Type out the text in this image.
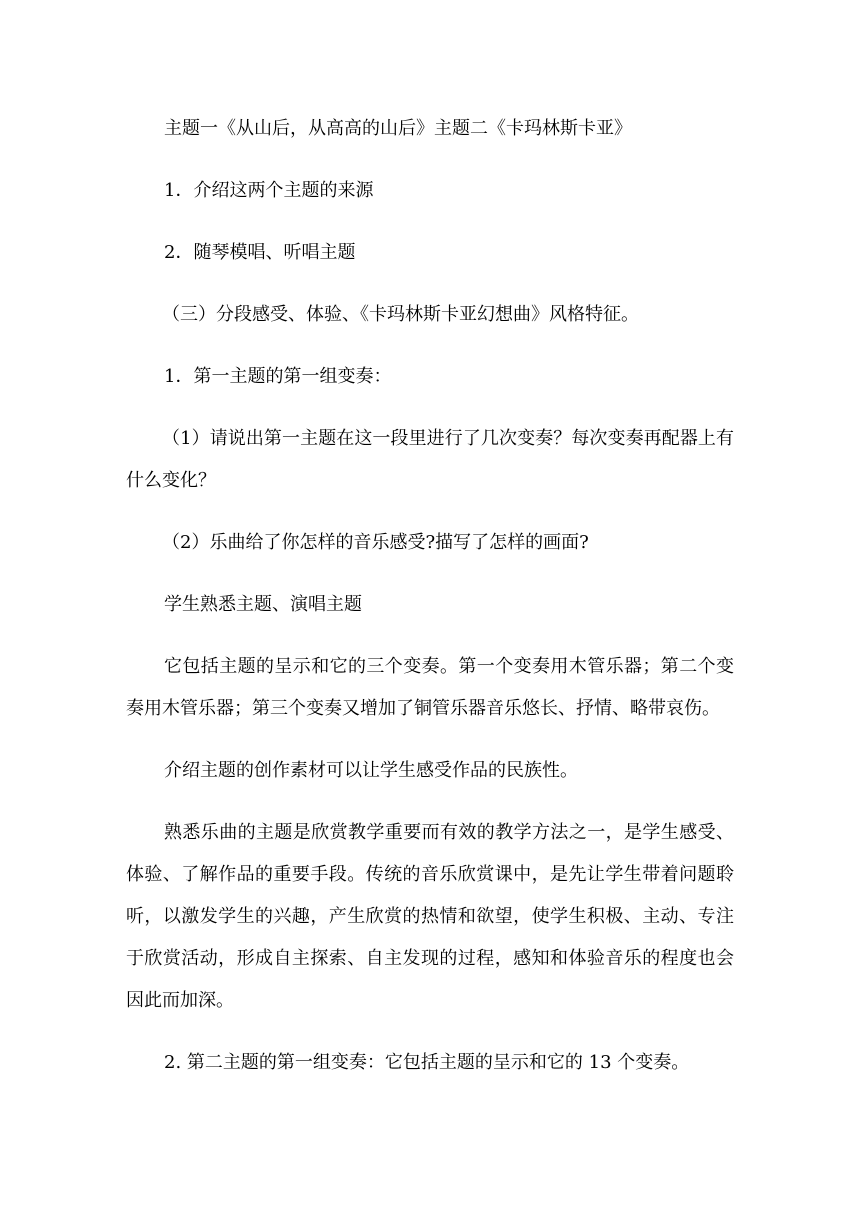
主题一《从山后，从高高的山后》主题二《卡玛林斯卡亚》

1．介绍这两个主题的来源

2．随琴模唱、听唱主题

（三）分段感受、体验、《卡玛林斯卡亚幻想曲》风格特征。

1．第一主题的第一组变奏：

（1）请说出第一主题在这一段里进行了几次变奏？每次变奏再配器上有什么变化？

（2）乐曲给了你怎样的音乐感受?描写了怎样的画面?

学生熟悉主题、演唱主题

它包括主题的呈示和它的三个变奏。第一个变奏用木管乐器；第二个变奏用木管乐器；第三个变奏又增加了铜管乐器音乐悠长、抒情、略带哀伤。

介绍主题的创作素材可以让学生感受作品的民族性。

熟悉乐曲的主题是欣赏教学重要而有效的教学方法之一，是学生感受、体验、了解作品的重要手段。传统的音乐欣赏课中，是先让学生带着问题聆听，以激发学生的兴趣，产生欣赏的热情和欲望，使学生积极、主动、专注于欣赏活动，形成自主探索、自主发现的过程，感知和体验音乐的程度也会因此而加深。

2. 第二主题的第一组变奏：它包括主题的呈示和它的 13 个变奏。
